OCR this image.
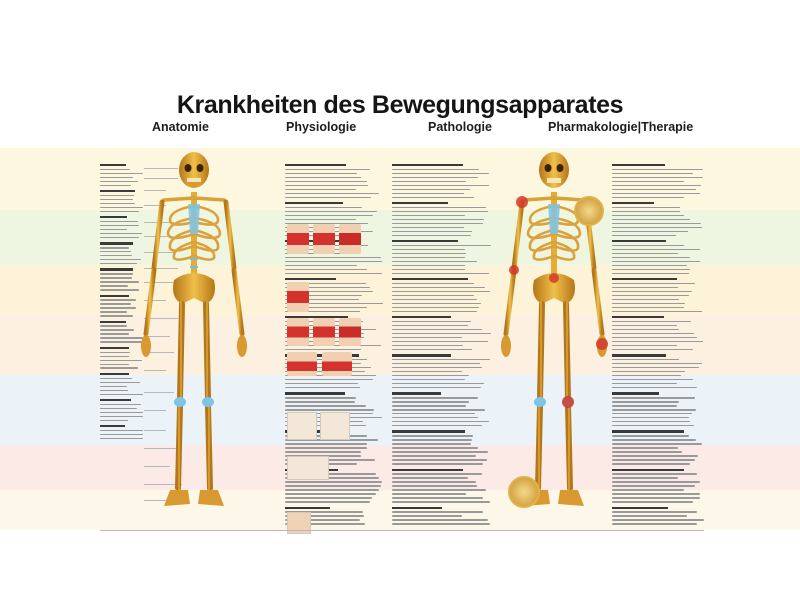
Krankheiten des Bewegungsapparates
Anatomie	Physiologie	Pathologie	Pharmakologie|Therapie
